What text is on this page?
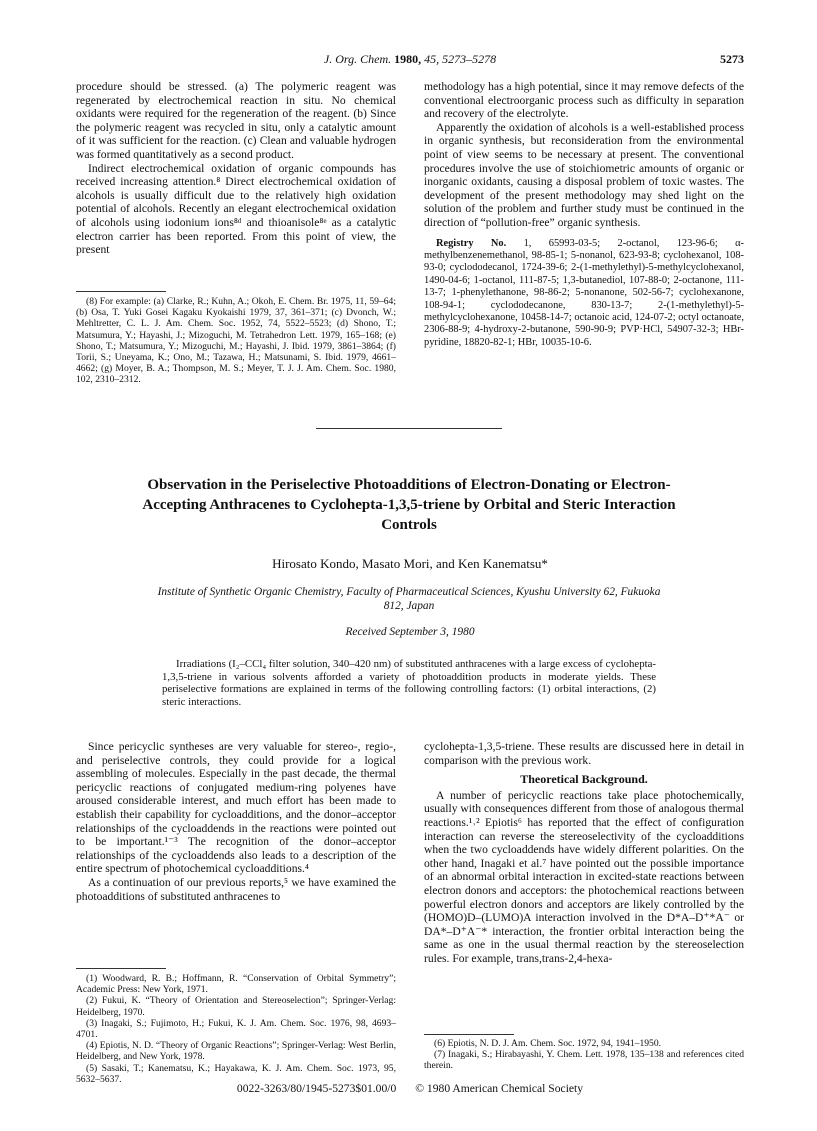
J. Org. Chem. 1980, 45, 5273–5278	5273

procedure should be stressed. (a) The polymeric reagent was regenerated by electrochemical reaction in situ. No chemical oxidants were required for the regeneration of the reagent. (b) Since the polymeric reagent was recycled in situ, only a catalytic amount of it was sufficient for the reaction. (c) Clean and valuable hydrogen was formed quantitatively as a second product.

Indirect electrochemical oxidation of organic compounds has received increasing attention.⁸ Direct electrochemical oxidation of alcohols is usually difficult due to the relatively high oxidation potential of alcohols. Recently an elegant electrochemical oxidation of alcohols using iodonium ions⁸ᵈ and thioanisole⁸ᵉ as a catalytic electron carrier has been reported. From this point of view, the present

(8) For example: (a) Clarke, R.; Kuhn, A.; Okoh, E. Chem. Br. 1975, 11, 59–64; (b) Osa, T. Yuki Gosei Kagaku Kyokaishi 1979, 37, 361–371; (c) Dvonch, W.; Mehltretter, C. L. J. Am. Chem. Soc. 1952, 74, 5522–5523; (d) Shono, T.; Matsumura, Y.; Hayashi, J.; Mizoguchi, M. Tetrahedron Lett. 1979, 165–168; (e) Shono, T.; Matsumura, Y.; Mizoguchi, M.; Hayashi, J. Ibid. 1979, 3861–3864; (f) Torii, S.; Uneyama, K.; Ono, M.; Tazawa, H.; Matsunami, S. Ibid. 1979, 4661–4662; (g) Moyer, B. A.; Thompson, M. S.; Meyer, T. J. J. Am. Chem. Soc. 1980, 102, 2310–2312.

methodology has a high potential, since it may remove defects of the conventional electroorganic process such as difficulty in separation and recovery of the electrolyte.

Apparently the oxidation of alcohols is a well-established process in organic synthesis, but reconsideration from the environmental point of view seems to be necessary at present. The conventional procedures involve the use of stoichiometric amounts of organic or inorganic oxidants, causing a disposal problem of toxic wastes. The development of the present methodology may shed light on the solution of the problem and further study must be continued in the direction of “pollution-free” organic synthesis.

Registry No. 1, 65993-03-5; 2-octanol, 123-96-6; α-methylbenzenemethanol, 98-85-1; 5-nonanol, 623-93-8; cyclohexanol, 108-93-0; cyclododecanol, 1724-39-6; 2-(1-methylethyl)-5-methylcyclohexanol, 1490-04-6; 1-octanol, 111-87-5; 1,3-butanediol, 107-88-0; 2-octanone, 111-13-7; 1-phenylethanone, 98-86-2; 5-nonanone, 502-56-7; cyclohexanone, 108-94-1; cyclododecanone, 830-13-7; 2-(1-methylethyl)-5-methylcyclohexanone, 10458-14-7; octanoic acid, 124-07-2; octyl octanoate, 2306-88-9; 4-hydroxy-2-butanone, 590-90-9; PVP·HCl, 54907-32-3; HBr-pyridine, 18820-82-1; HBr, 10035-10-6.

Observation in the Periselective Photoadditions of Electron-Donating or Electron-Accepting Anthracenes to Cyclohepta-1,3,5-triene by Orbital and Steric Interaction Controls
Hirosato Kondo, Masato Mori, and Ken Kanematsu*
Institute of Synthetic Organic Chemistry, Faculty of Pharmaceutical Sciences, Kyushu University 62, Fukuoka 812, Japan
Received September 3, 1980

Irradiations (I₂–CCl₄ filter solution, 340–420 nm) of substituted anthracenes with a large excess of cyclohepta-1,3,5-triene in various solvents afforded a variety of photoaddition products in moderate yields. These periselective formations are explained in terms of the following controlling factors: (1) orbital interactions, (2) steric interactions.

Since pericyclic syntheses are very valuable for stereo-, regio-, and periselective controls, they could provide for a logical assembling of molecules. Especially in the past decade, the thermal pericyclic reactions of conjugated medium-ring polyenes have aroused considerable interest, and much effort has been made to establish their capability for cycloadditions, and the donor–acceptor relationships of the cycloaddends in the reactions were pointed out to be important.¹⁻³ The recognition of the donor–acceptor relationships of the cycloaddends also leads to a description of the entire spectrum of photochemical cycloadditions.⁴

As a continuation of our previous reports,⁵ we have examined the photoadditions of substituted anthracenes to

(1) Woodward, R. B.; Hoffmann, R. “Conservation of Orbital Symmetry”; Academic Press: New York, 1971.

(2) Fukui, K. “Theory of Orientation and Stereoselection”; Springer-Verlag: Heidelberg, 1970.

(3) Inagaki, S.; Fujimoto, H.; Fukui, K. J. Am. Chem. Soc. 1976, 98, 4693–4701.

(4) Epiotis, N. D. “Theory of Organic Reactions”; Springer-Verlag: West Berlin, Heidelberg, and New York, 1978.

(5) Sasaki, T.; Kanematsu, K.; Hayakawa, K. J. Am. Chem. Soc. 1973, 95, 5632–5637.

cyclohepta-1,3,5-triene. These results are discussed here in detail in comparison with the previous work.

Theoretical Background.

A number of pericyclic reactions take place photochemically, usually with consequences different from those of analogous thermal reactions.¹˒² Epiotis⁶ has reported that the effect of configuration interaction can reverse the stereoselectivity of the cycloadditions when the two cycloaddends have widely different polarities. On the other hand, Inagaki et al.⁷ have pointed out the possible importance of an abnormal orbital interaction in excited-state reactions between electron donors and acceptors: the photochemical reactions between powerful electron donors and acceptors are likely controlled by the (HOMO)D–(LUMO)A interaction involved in the D*A–D⁺*A⁻ or DA*–D⁺A⁻* interaction, the frontier orbital interaction being the same as one in the usual thermal reaction by the stereoselection rules. For example, trans,trans-2,4-hexa-

(6) Epiotis, N. D. J. Am. Chem. Soc. 1972, 94, 1941–1950.

(7) Inagaki, S.; Hirabayashi, Y. Chem. Lett. 1978, 135–138 and references cited therein.

0022-3263/80/1945-5273$01.00/0 © 1980 American Chemical Society
